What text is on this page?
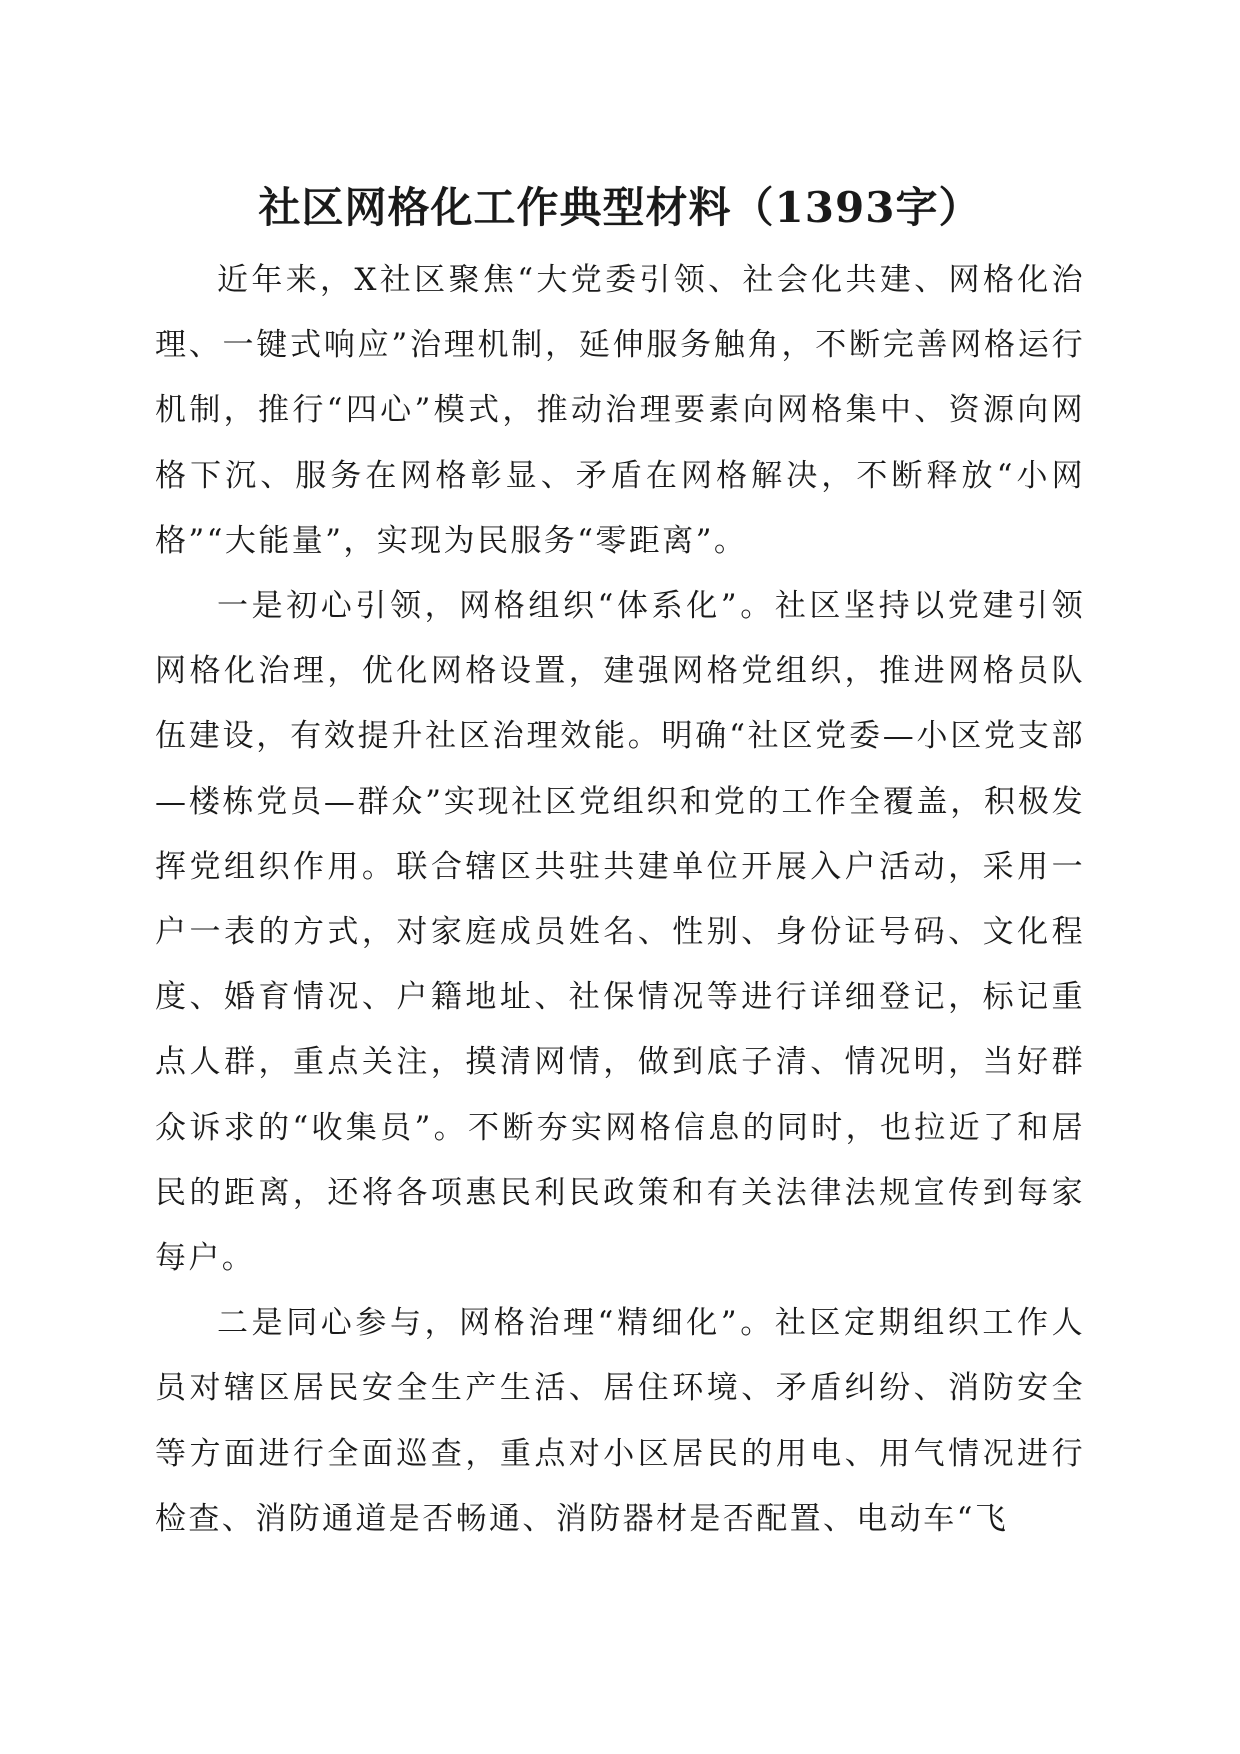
社区网格化工作典型材料（1393字）

近年来，X社区聚焦“大党委引领、社会化共建、网格化治理、一键式响应”治理机制，延伸服务触角，不断完善网格运行机制，推行“四心”模式，推动治理要素向网格集中、资源向网格下沉、服务在网格彰显、矛盾在网格解决，不断释放“小网格”“大能量”，实现为民服务“零距离”。

一是初心引领，网格组织“体系化”。社区坚持以党建引领网格化治理，优化网格设置，建强网格党组织，推进网格员队伍建设，有效提升社区治理效能。明确“社区党委—小区党支部—楼栋党员—群众”实现社区党组织和党的工作全覆盖，积极发挥党组织作用。联合辖区共驻共建单位开展入户活动，采用一户一表的方式，对家庭成员姓名、性别、身份证号码、文化程度、婚育情况、户籍地址、社保情况等进行详细登记，标记重点人群，重点关注，摸清网情，做到底子清、情况明，当好群众诉求的“收集员”。不断夯实网格信息的同时，也拉近了和居民的距离，还将各项惠民利民政策和有关法律法规宣传到每家每户。

二是同心参与，网格治理“精细化”。社区定期组织工作人员对辖区居民安全生产生活、居住环境、矛盾纠纷、消防安全等方面进行全面巡查，重点对小区居民的用电、用气情况进行检查、消防通道是否畅通、消防器材是否配置、电动车“飞
